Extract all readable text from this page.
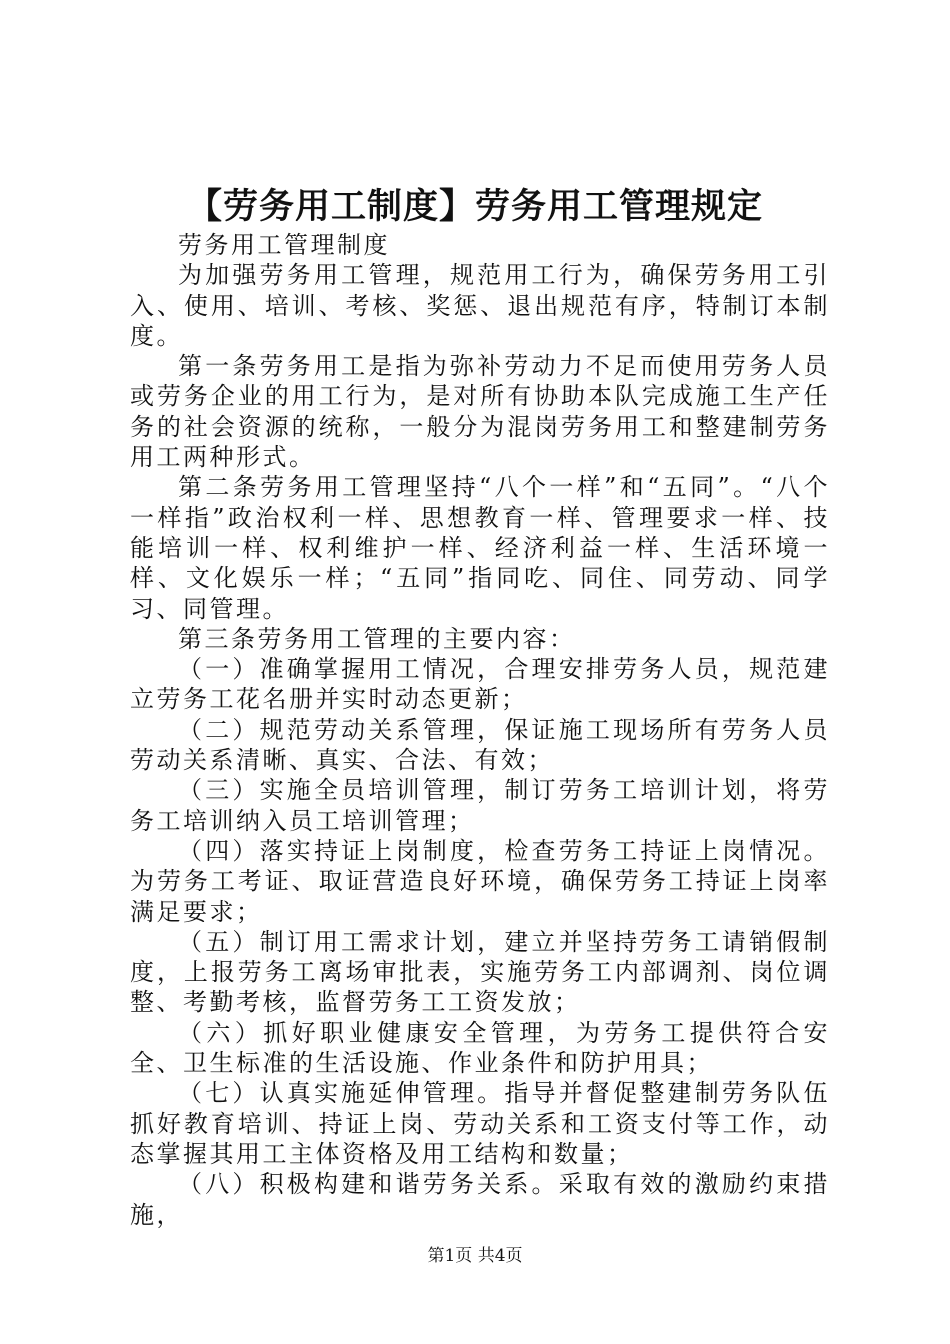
【劳务用工制度】劳务用工管理规定

劳务用工管理制度

为加强劳务用工管理，规范用工行为，确保劳务用工引入、使用、培训、考核、奖惩、退出规范有序，特制订本制度。

第一条劳务用工是指为弥补劳动力不足而使用劳务人员或劳务企业的用工行为，是对所有协助本队完成施工生产任务的社会资源的统称，一般分为混岗劳务用工和整建制劳务用工两种形式。

第二条劳务用工管理坚持“八个一样”和“五同”。“八个一样指”政治权利一样、思想教育一样、管理要求一样、技能培训一样、权利维护一样、经济利益一样、生活环境一样、文化娱乐一样；“五同”指同吃、同住、同劳动、同学习、同管理。

第三条劳务用工管理的主要内容：

（一）准确掌握用工情况，合理安排劳务人员，规范建立劳务工花名册并实时动态更新；

（二）规范劳动关系管理，保证施工现场所有劳务人员劳动关系清晰、真实、合法、有效；

（三）实施全员培训管理，制订劳务工培训计划，将劳务工培训纳入员工培训管理；

（四）落实持证上岗制度，检查劳务工持证上岗情况。为劳务工考证、取证营造良好环境，确保劳务工持证上岗率满足要求；

（五）制订用工需求计划，建立并坚持劳务工请销假制度，上报劳务工离场审批表，实施劳务工内部调剂、岗位调整、考勤考核，监督劳务工工资发放；

（六）抓好职业健康安全管理，为劳务工提供符合安全、卫生标准的生活设施、作业条件和防护用具；

（七）认真实施延伸管理。指导并督促整建制劳务队伍抓好教育培训、持证上岗、劳动关系和工资支付等工作，动态掌握其用工主体资格及用工结构和数量；

（八）积极构建和谐劳务关系。采取有效的激励约束措施，

第1页 共4页
